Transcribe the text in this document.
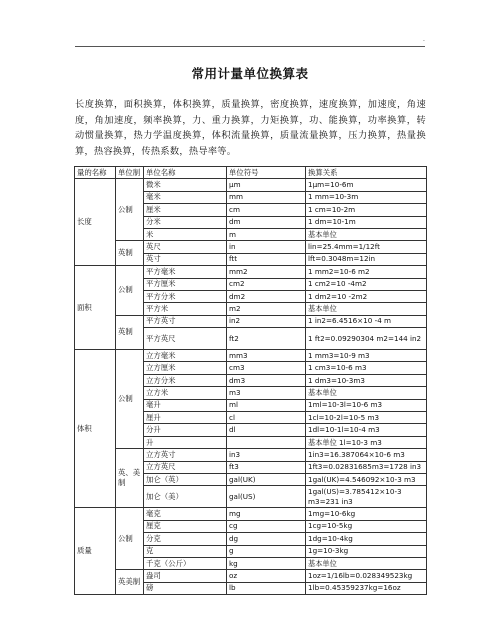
.
常用计量单位换算表

长度换算，面积换算，体积换算，质量换算，密度换算，速度换算，加速度，角速度，角加速度，频率换算，力、重力换算，力矩换算，功、能换算，功率换算，转动惯量换算，热力学温度换算，体积流量换算，质量流量换算，压力换算，热量换算，热容换算，传热系数，热导率等。

量的名称	单位制	单位名称	单位符号	换算关系
长度	公制	微米	μm	1μm=10-6m
		毫米	mm	1 mm=10-3m
		厘米	cm	1 cm=10-2m
		分米	dm	1 dm=10-1m
		米	m	基本单位
	英制	英尺	in	lin=25.4mm=1/12ft
		英寸	ftt	lft=0.3048m=12in
面积	公制	平方毫米	mm2	1 mm2=10-6 m2
		平方厘米	cm2	1 cm2=10 -4m2
		平方分米	dm2	1 dm2=10 -2m2
		平方米	m2	基本单位
	英制	平方英寸	in2	1 in2=6.4516×10 -4 m
		平方英尺	ft2	1 ft2=0.09290304 m2=144 in2
体积	公制	立方毫米	mm3	1 mm3=10-9 m3
		立方厘米	cm3	1 cm3=10-6 m3
		立方分米	dm3	1 dm3=10-3m3
		立方米	m3	基本单位
		毫升	ml	1ml=10-3l=10-6 m3
		厘升	cl	1cl=10-2l=10-5 m3
		分升	dl	1dl=10-1l=10-4 m3
		升		基本单位 1l=10-3 m3
	英、美制	立方英寸	in3	1in3=16.387064×10-6 m3
		立方英尺	ft3	1ft3=0.02831685m3=1728 in3
		加仑（英）	gal(UK)	1gal(UK)=4.546092×10-3 m3
		加仑（美）	gal(US)	1gal(US)=3.785412×10-3 m3=231 in3
质量	公制	毫克	mg	1mg=10-6kg
		厘克	cg	1cg=10-5kg
		分克	dg	1dg=10-4kg
		克	g	1g=10-3kg
		千克（公斤）	kg	基本单位
	英美制	盎司	oz	1oz=1/16lb=0.028349523kg
		磅	lb	1lb=0.45359237kg=16oz
